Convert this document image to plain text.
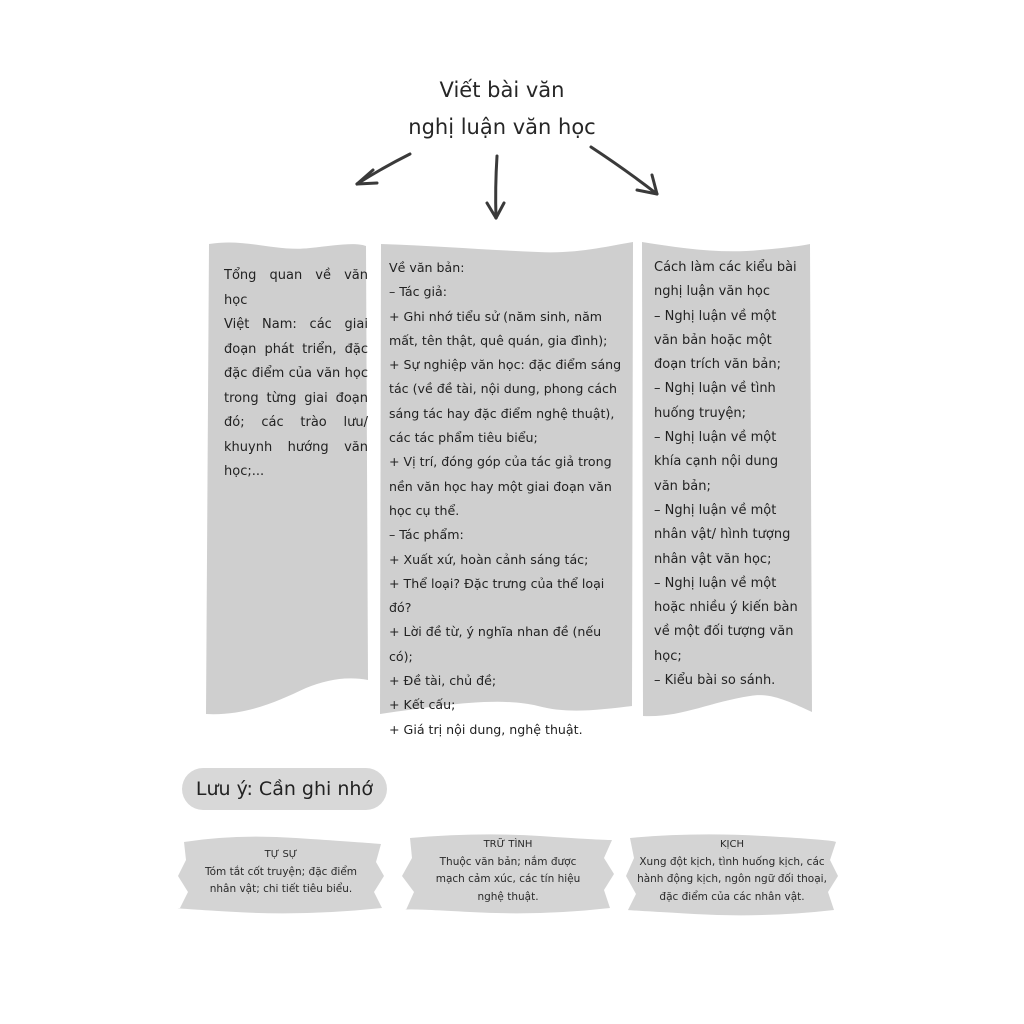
Viết bài văn
nghị luận văn học
Tổng quan về văn học
Việt Nam: các giai đoạn phát triển, đặc đặc điểm của văn học trong từng giai đoạn đó; các trào lưu/ khuynh hướng văn học;...
Về văn bản:
– Tác giả:
+ Ghi nhớ tiểu sử (năm sinh, năm mất, tên thật, quê quán, gia đình);
+ Sự nghiệp văn học: đặc điểm sáng tác (về đề tài, nội dung, phong cách sáng tác hay đặc điểm nghệ thuật), các tác phẩm tiêu biểu;
+ Vị trí, đóng góp của tác giả trong nền văn học hay một giai đoạn văn học cụ thể.
– Tác phẩm:
+ Xuất xứ, hoàn cảnh sáng tác;
+ Thể loại? Đặc trưng của thể loại đó?
+ Lời đề từ, ý nghĩa nhan đề (nếu có);
+ Đề tài, chủ đề;
+ Kết cấu;
+ Giá trị nội dung, nghệ thuật.
Cách làm các kiểu bài nghị luận văn học
– Nghị luận về một văn bản hoặc một đoạn trích văn bản;
– Nghị luận về tình huống truyện;
– Nghị luận về một khía cạnh nội dung văn bản;
– Nghị luận về một nhân vật/ hình tượng nhân vật văn học;
– Nghị luận về một hoặc nhiều ý kiến bàn về một đối tượng văn học;
– Kiểu bài so sánh.
Lưu ý: Cần ghi nhớ
TỰ SỰ
Tóm tắt cốt truyện; đặc điểm
nhân vật; chi tiết tiêu biểu.
TRỮ TÌNH
Thuộc văn bản; nắm được
mạch cảm xúc, các tín hiệu
nghệ thuật.
KỊCH
Xung đột kịch, tình huống kịch, các
hành động kịch, ngôn ngữ đối thoại,
đặc điểm của các nhân vật.
